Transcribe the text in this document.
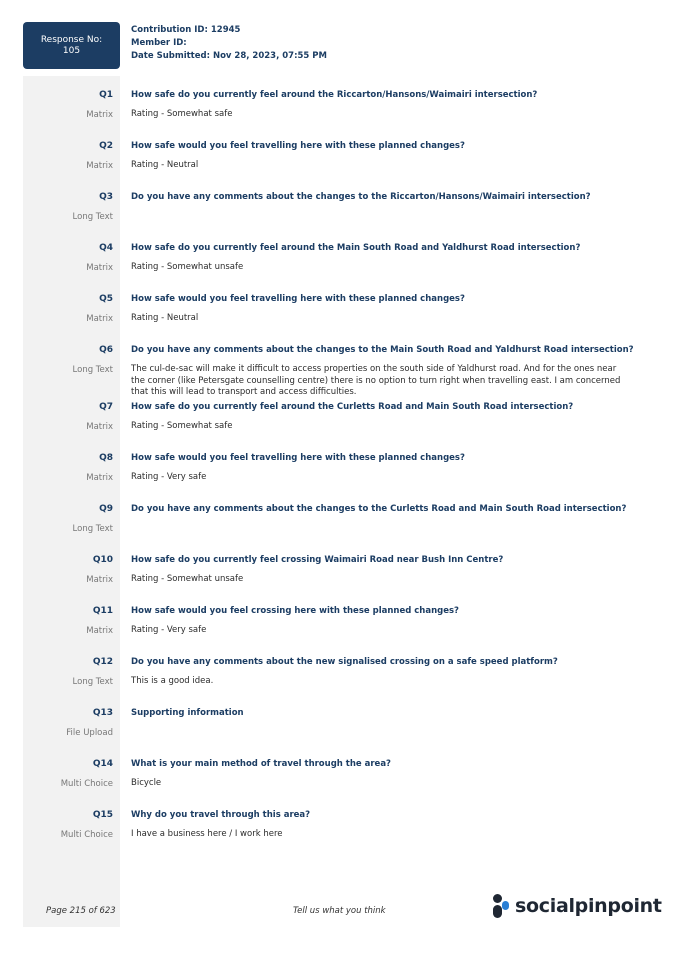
Response No:
105
Contribution ID: 12945
Member ID:
Date Submitted: Nov 28, 2023, 07:55 PM
Q1	How safe do you currently feel around the Riccarton/Hansons/Waimairi intersection?
Matrix	Rating - Somewhat safe
Q2	How safe would you feel travelling here with these planned changes?
Matrix	Rating - Neutral
Q3	Do you have any comments about the changes to the Riccarton/Hansons/Waimairi intersection?
Long Text
Q4	How safe do you currently feel around the Main South Road and Yaldhurst Road intersection?
Matrix	Rating - Somewhat unsafe
Q5	How safe would you feel travelling here with these planned changes?
Matrix	Rating - Neutral
Q6	Do you have any comments about the changes to the Main South Road and Yaldhurst Road intersection?
Long Text	The cul-de-sac will make it difficult to access properties on the south side of Yaldhurst road. And for the ones near the corner (like Petersgate counselling centre) there is no option to turn right when travelling east. I am concerned that this will lead to transport and access difficulties.
Q7	How safe do you currently feel around the Curletts Road and Main South Road intersection?
Matrix	Rating - Somewhat safe
Q8	How safe would you feel travelling here with these planned changes?
Matrix	Rating - Very safe
Q9	Do you have any comments about the changes to the Curletts Road and Main South Road intersection?
Long Text
Q10	How safe do you currently feel crossing Waimairi Road near Bush Inn Centre?
Matrix	Rating - Somewhat unsafe
Q11	How safe would you feel crossing here with these planned changes?
Matrix	Rating - Very safe
Q12	Do you have any comments about the new signalised crossing on a safe speed platform?
Long Text	This is a good idea.
Q13	Supporting information
File Upload
Q14	What is your main method of travel through the area?
Multi Choice	Bicycle
Q15	Why do you travel through this area?
Multi Choice	I have a business here / I work here
Page 215 of 623	Tell us what you think	socialpinpoint
